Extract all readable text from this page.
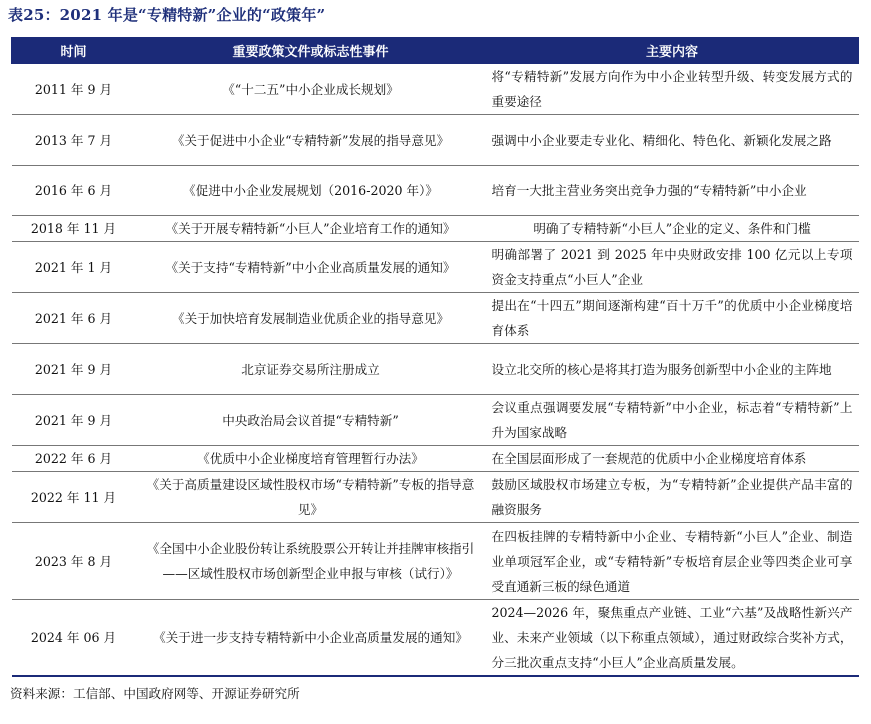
表25：2021 年是“专精特新”企业的“政策年”
时间	重要政策文件或标志性事件	主要内容
2011 年 9 月	《“十二五”中小企业成长规划》	将“专精特新”发展方向作为中小企业转型升级、转变发展方式的重要途径
2013 年 7 月	《关于促进中小企业“专精特新”发展的指导意见》	强调中小企业要走专业化、精细化、特色化、新颖化发展之路
2016 年 6 月	《促进中小企业发展规划（2016-2020 年）》	培育一大批主营业务突出竞争力强的“专精特新”中小企业
2018 年 11 月	《关于开展专精特新“小巨人”企业培育工作的通知》	明确了专精特新“小巨人”企业的定义、条件和门槛
2021 年 1 月	《关于支持“专精特新”中小企业高质量发展的通知》	明确部署了 2021 到 2025 年中央财政安排 100 亿元以上专项资金支持重点“小巨人”企业
2021 年 6 月	《关于加快培育发展制造业优质企业的指导意见》	提出在“十四五”期间逐渐构建“百十万千”的优质中小企业梯度培育体系
2021 年 9 月	北京证券交易所注册成立	设立北交所的核心是将其打造为服务创新型中小企业的主阵地
2021 年 9 月	中央政治局会议首提“专精特新”	会议重点强调要发展“专精特新”中小企业，标志着“专精特新”上升为国家战略
2022 年 6 月	《优质中小企业梯度培育管理暂行办法》	在全国层面形成了一套规范的优质中小企业梯度培育体系
2022 年 11 月	《关于高质量建设区域性股权市场“专精特新”专板的指导意见》	鼓励区域股权市场建立专板，为“专精特新”企业提供产品丰富的融资服务
2023 年 8 月	《全国中小企业股份转让系统股票公开转让并挂牌审核指引——区域性股权市场创新型企业申报与审核（试行）》	在四板挂牌的专精特新中小企业、专精特新“小巨人”企业、制造业单项冠军企业，或“专精特新”专板培育层企业等四类企业可享受直通新三板的绿色通道
2024 年 06 月	《关于进一步支持专精特新中小企业高质量发展的通知》	2024—2026 年，聚焦重点产业链、工业“六基”及战略性新兴产业、未来产业领域（以下称重点领域），通过财政综合奖补方式，分三批次重点支持“小巨人”企业高质量发展。
资料来源：工信部、中国政府网等、开源证券研究所
